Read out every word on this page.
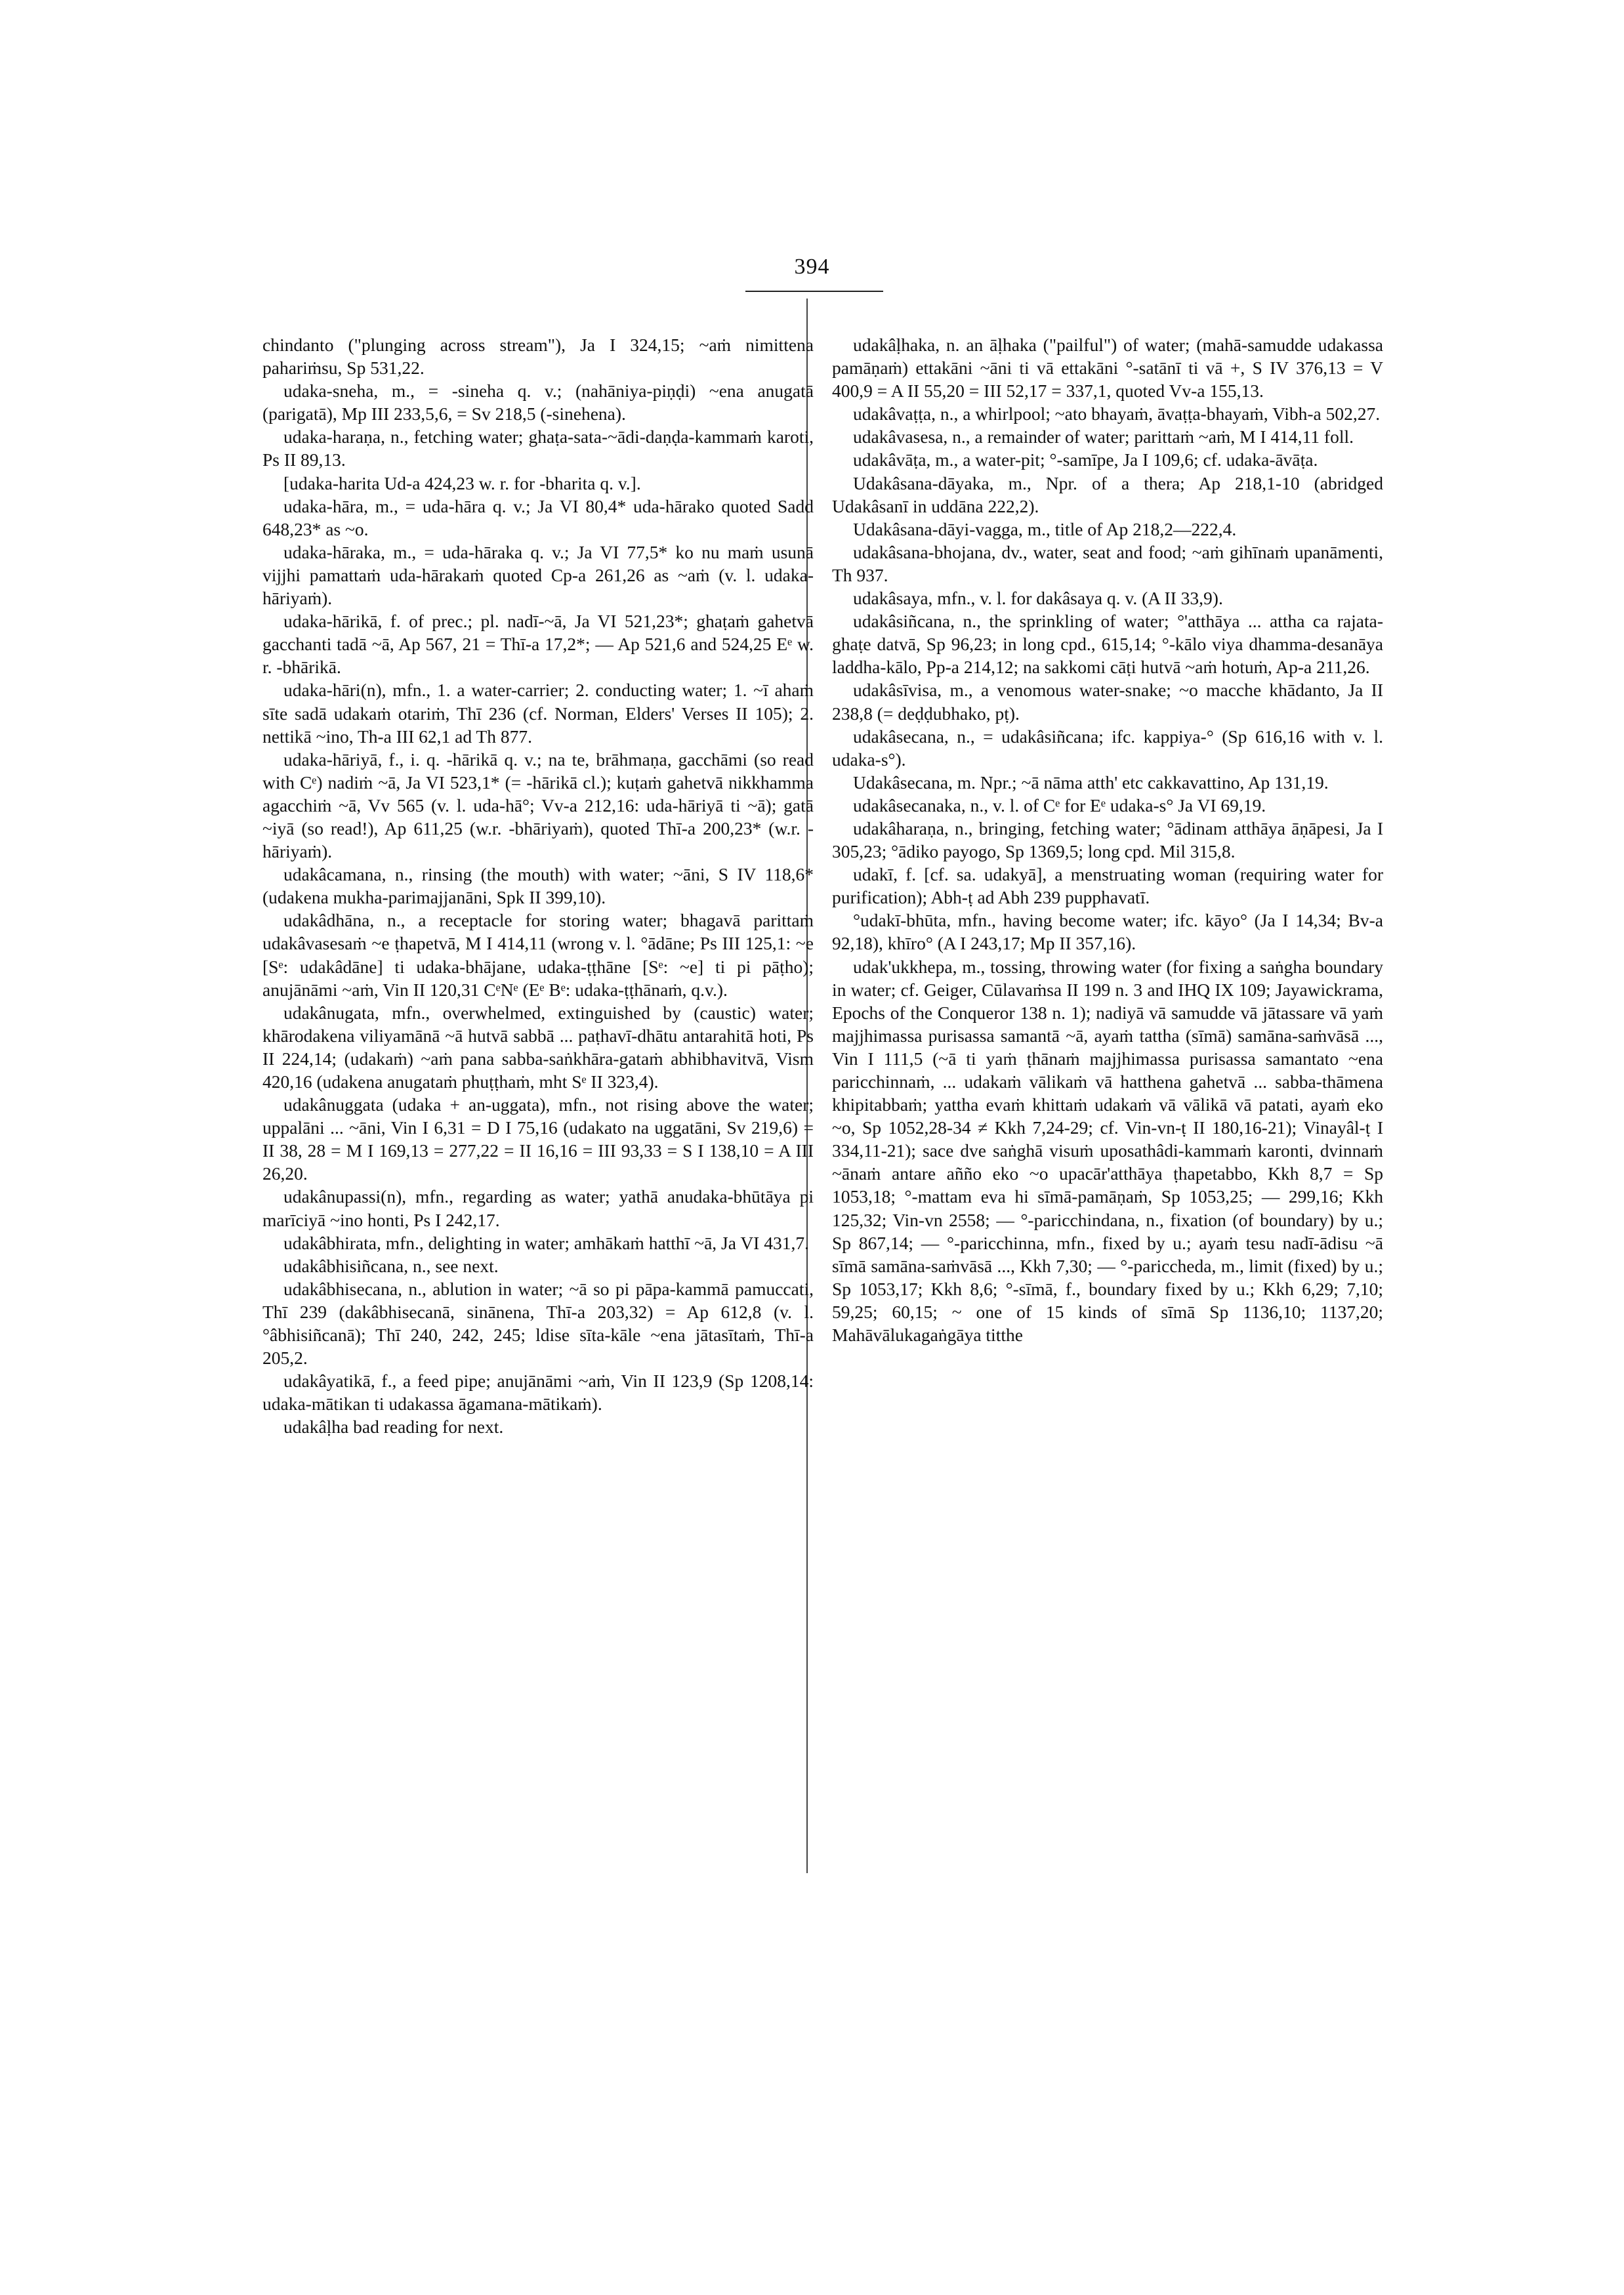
394

chindanto ("plunging across stream"), Ja I 324,15; ~aṁ nimittena pahariṁsu, Sp 531,22.

udaka-sneha, m., = -sineha q. v.; (nahāniya-piṇḍi) ~ena anugatā (parigatā), Mp III 233,5,6, = Sv 218,5 (-sinehena).

udaka-haraṇa, n., fetching water; ghaṭa-sata-~ādi-daṇḍa-kammaṁ karoti, Ps II 89,13.

[udaka-harita Ud-a 424,23 w. r. for -bharita q. v.].

udaka-hāra, m., = uda-hāra q. v.; Ja VI 80,4* uda-hārako quoted Sadd 648,23* as ~o.

udaka-hāraka, m., = uda-hāraka q. v.; Ja VI 77,5* ko nu maṁ usunā vijjhi pamattaṁ uda-hārakaṁ quoted Cp-a 261,26 as ~aṁ (v. l. udaka-hāriyaṁ).

udaka-hārikā, f. of prec.; pl. nadī-~ā, Ja VI 521,23*; ghaṭaṁ gahetvā gacchanti tadā ~ā, Ap 567, 21 = Thī-a 17,2*; — Ap 521,6 and 524,25 Eᵉ w. r. -bhārikā.

udaka-hāri(n), mfn., 1. a water-carrier; 2. conducting water; 1. ~ī ahaṁ sīte sadā udakaṁ otariṁ, Thī 236 (cf. Norman, Elders' Verses II 105); 2. nettikā ~ino, Th-a III 62,1 ad Th 877.

udaka-hāriyā, f., i. q. -hārikā q. v.; na te, brāhmaṇa, gacchāmi (so read with Cᵉ) nadiṁ ~ā, Ja VI 523,1* (= -hārikā cl.); kuṭaṁ gahetvā nikkhamma agacchiṁ ~ā, Vv 565 (v. l. uda-hā°; Vv-a 212,16: uda-hāriyā ti ~ā); gatā ~iyā (so read!), Ap 611,25 (w.r. -bhāriyaṁ), quoted Thī-a 200,23* (w.r. -hāriyaṁ).

udakâcamana, n., rinsing (the mouth) with water; ~āni, S IV 118,6* (udakena mukha-parimajjanāni, Spk II 399,10).

udakâdhāna, n., a receptacle for storing water; bhagavā parittaṁ udakâvasesaṁ ~e ṭhapetvā, M I 414,11 (wrong v. l. °ādāne; Ps III 125,1: ~e [Sᵉ: udakâdāne] ti udaka-bhājane, udaka-ṭṭhāne [Sᵉ: ~e] ti pi pāṭho); anujānāmi ~aṁ, Vin II 120,31 CᵉNᵉ (Eᵉ Bᵉ: udaka-ṭṭhānaṁ, q.v.).

udakânugata, mfn., overwhelmed, extinguished by (caustic) water; khārodakena viliyamānā ~ā hutvā sabbā ... paṭhavī-dhātu antarahitā hoti, Ps II 224,14; (udakaṁ) ~aṁ pana sabba-saṅkhāra-gataṁ abhibhavitvā, Vism 420,16 (udakena anugataṁ phuṭṭhaṁ, mht Sᵉ II 323,4).

udakânuggata (udaka + an-uggata), mfn., not rising above the water; uppalāni ... ~āni, Vin I 6,31 = D I 75,16 (udakato na uggatāni, Sv 219,6) = II 38, 28 = M I 169,13 = 277,22 = II 16,16 = III 93,33 = S I 138,10 = A III 26,20.

udakânupassi(n), mfn., regarding as water; yathā anudaka-bhūtāya pi marīciyā ~ino honti, Ps I 242,17.

udakâbhirata, mfn., delighting in water; amhākaṁ hatthī ~ā, Ja VI 431,7.

udakâbhisiñcana, n., see next.

udakâbhisecana, n., ablution in water; ~ā so pi pāpa-kammā pamuccati, Thī 239 (dakâbhisecanā, sinānena, Thī-a 203,32) = Ap 612,8 (v. l. °âbhisiñcanā); Thī 240, 242, 245; ldise sīta-kāle ~ena jātasītaṁ, Thī-a 205,2.

udakâyatikā, f., a feed pipe; anujānāmi ~aṁ, Vin II 123,9 (Sp 1208,14: udaka-mātikan ti udakassa āgamana-mātikaṁ).

udakâḷha bad reading for next.

udakâḷhaka, n. an āḷhaka ("pailful") of water; (mahā-samudde udakassa pamāṇaṁ) ettakāni ~āni ti vā ettakāni °-satānī ti vā +, S IV 376,13 = V 400,9 = A II 55,20 = III 52,17 = 337,1, quoted Vv-a 155,13.

udakâvaṭṭa, n., a whirlpool; ~ato bhayaṁ, āvaṭṭa-bhayaṁ, Vibh-a 502,27.

udakâvasesa, n., a remainder of water; parittaṁ ~aṁ, M I 414,11 foll.

udakâvāṭa, m., a water-pit; °-samīpe, Ja I 109,6; cf. udaka-āvāṭa.

Udakâsana-dāyaka, m., Npr. of a thera; Ap 218,1-10 (abridged Udakâsanī in uddāna 222,2).

Udakâsana-dāyi-vagga, m., title of Ap 218,2—222,4.

udakâsana-bhojana, dv., water, seat and food; ~aṁ gihīnaṁ upanāmenti, Th 937.

udakâsaya, mfn., v. l. for dakâsaya q. v. (A II 33,9).

udakâsiñcana, n., the sprinkling of water; °'atthāya ... attha ca rajata-ghaṭe datvā, Sp 96,23; in long cpd., 615,14; °-kālo viya dhamma-desanāya laddha-kālo, Pp-a 214,12; na sakkomi cāṭi hutvā ~aṁ hotuṁ, Ap-a 211,26.

udakâsīvisa, m., a venomous water-snake; ~o macche khādanto, Ja II 238,8 (= deḍḍubhako, pṭ).

udakâsecana, n., = udakâsiñcana; ifc. kappiya-° (Sp 616,16 with v. l. udaka-s°).

Udakâsecana, m. Npr.; ~ā nāma atth' etc cakkavattino, Ap 131,19.

udakâsecanaka, n., v. l. of Cᵉ for Eᵉ udaka-s° Ja VI 69,19.

udakâharaṇa, n., bringing, fetching water; °ādinam atthāya āṇāpesi, Ja I 305,23; °ādiko payogo, Sp 1369,5; long cpd. Mil 315,8.

udakī, f. [cf. sa. udakyā], a menstruating woman (requiring water for purification); Abh-ṭ ad Abh 239 pupphavatī.

°udakī-bhūta, mfn., having become water; ifc. kāyo° (Ja I 14,34; Bv-a 92,18), khīro° (A I 243,17; Mp II 357,16).

udak'ukkhepa, m., tossing, throwing water (for fixing a saṅgha boundary in water; cf. Geiger, Cūlavaṁsa II 199 n. 3 and IHQ IX 109; Jayawickrama, Epochs of the Conqueror 138 n. 1); nadiyā vā samudde vā jātassare vā yaṁ majjhimassa purisassa samantā ~ā, ayaṁ tattha (sīmā) samāna-saṁvāsā ..., Vin I 111,5 (~ā ti yaṁ ṭhānaṁ majjhimassa purisassa samantato ~ena paricchinnaṁ, ... udakaṁ vālikaṁ vā hatthena gahetvā ... sabba-thāmena khipitabbaṁ; yattha evaṁ khittaṁ udakaṁ vā vālikā vā patati, ayaṁ eko ~o, Sp 1052,28-34 ≠ Kkh 7,24-29; cf. Vin-vn-ṭ II 180,16-21); Vinayâl-ṭ I 334,11-21); sace dve saṅghā visuṁ uposathâdi-kammaṁ karonti, dvinnaṁ ~ānaṁ antare añño eko ~o upacār'atthāya ṭhapetabbo, Kkh 8,7 = Sp 1053,18; °-mattam eva hi sīmā-pamāṇaṁ, Sp 1053,25; — 299,16; Kkh 125,32; Vin-vn 2558; — °-paricchindana, n., fixation (of boundary) by u.; Sp 867,14; — °-paricchinna, mfn., fixed by u.; ayaṁ tesu nadī-ādisu ~ā sīmā samāna-saṁvāsā ..., Kkh 7,30; — °-pariccheda, m., limit (fixed) by u.; Sp 1053,17; Kkh 8,6; °-sīmā, f., boundary fixed by u.; Kkh 6,29; 7,10; 59,25; 60,15; ~ one of 15 kinds of sīmā Sp 1136,10; 1137,20; Mahāvālukagaṅgāya titthe
